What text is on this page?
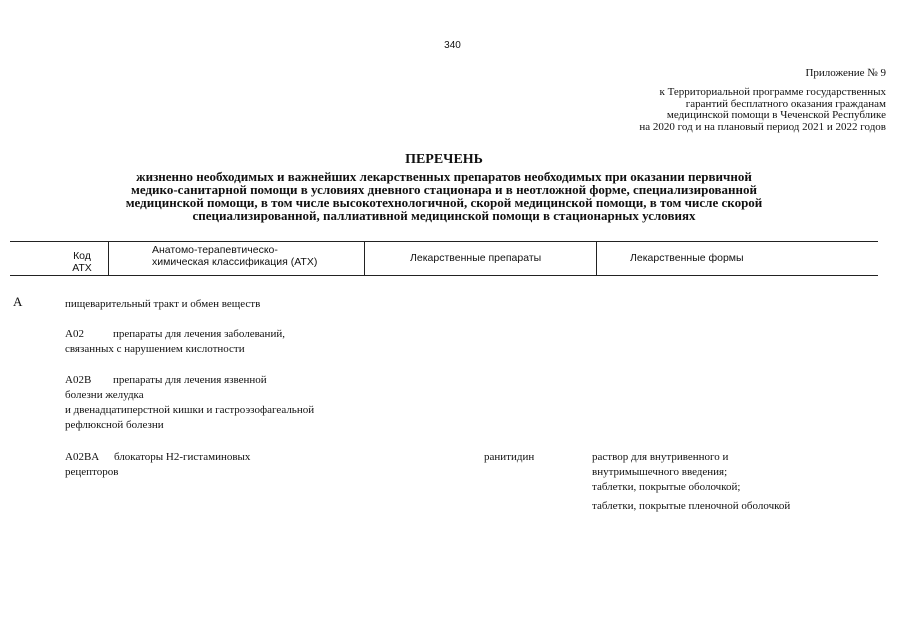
340
Приложение № 9
к Территориальной программе государственных
гарантий бесплатного оказания гражданам
медицинской помощи в Чеченской Республике
на 2020 год и на плановый период 2021 и 2022 годов
ПЕРЕЧЕНЬ
жизненно необходимых и важнейших лекарственных препаратов необходимых при оказании первичной
медико-санитарной помощи в условиях дневного стационара и в неотложной форме, специализированной
медицинской помощи, в том числе высокотехнологичной, скорой медицинской помощи, в том числе скорой
специализированной, паллиативной медицинской помощи в стационарных условиях
Код
АТХ
Анатомо-терапевтическо-
химическая классификация (АТХ)	Лекарственные препараты	Лекарственные формы
A	пищеварительный тракт и обмен веществ
A02	препараты для лечения заболеваний,
связанных с нарушением кислотности
A02B препараты для лечения язвенной
болезни желудка
и двенадцатиперстной кишки и гастроэзофагеальной
рефлюксной болезни
A02BA блокаторы H2-гистаминовых
рецепторов
ранитидин	раствор для внутривенного и
внутримышечного введения;
таблетки, покрытые оболочкой;
таблетки, покрытые пленочной оболочкой
